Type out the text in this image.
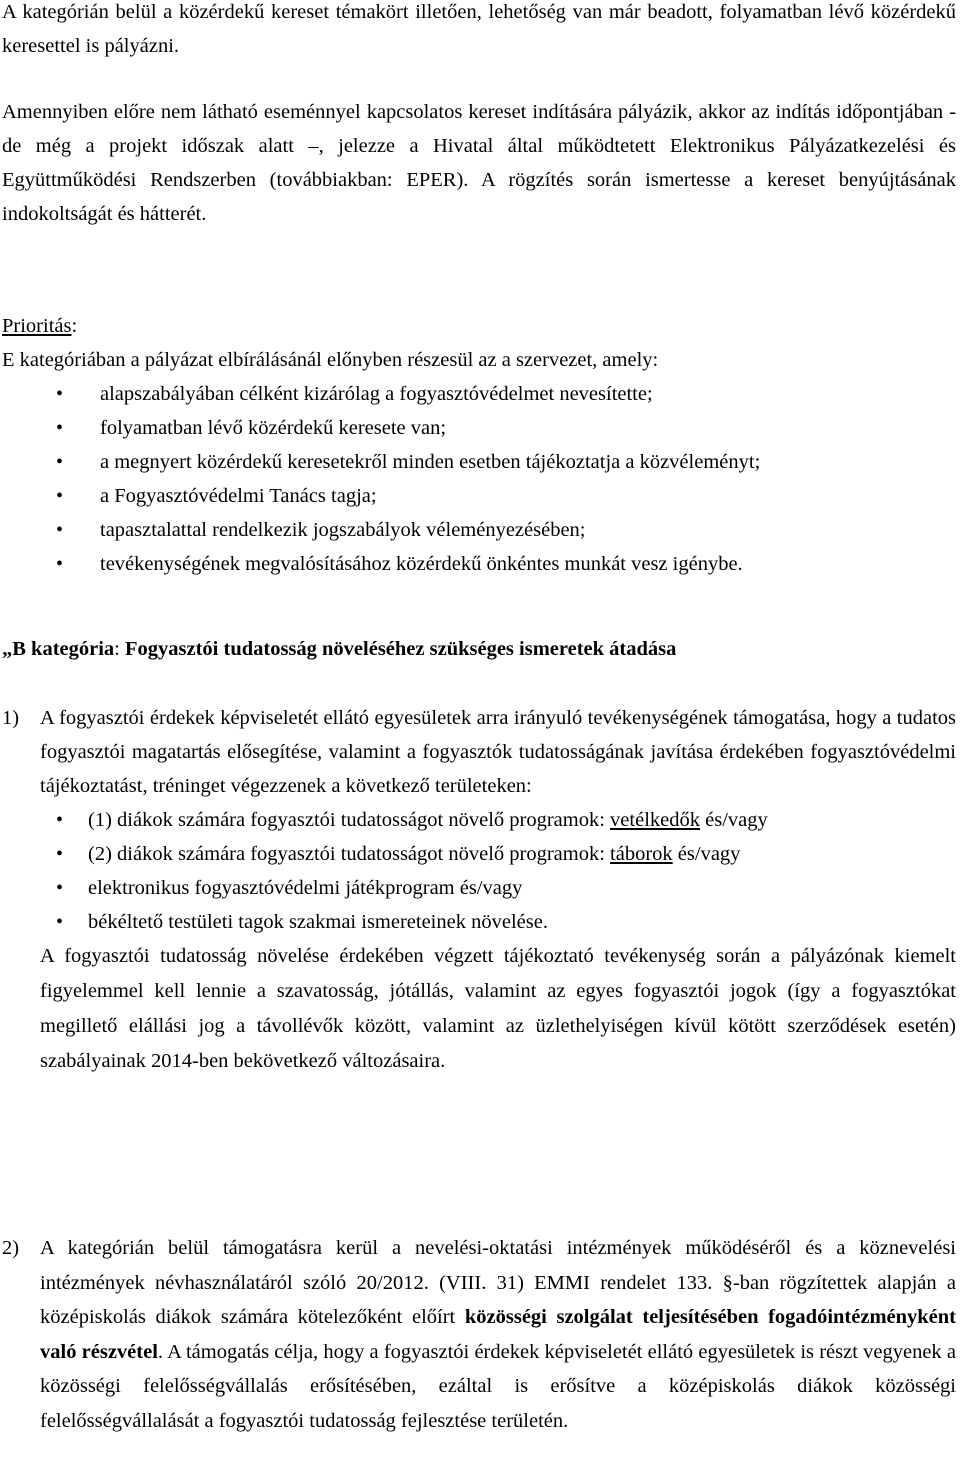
A kategórián belül a közérdekű kereset témakört illetően, lehetőség van már beadott, folyamatban lévő közérdekű keresettel is pályázni.

Amennyiben előre nem látható eseménnyel kapcsolatos kereset indítására pályázik, akkor az indítás időpontjában - de még a projekt időszak alatt –, jelezze a Hivatal által működtetett Elektronikus Pályázatkezelési és Együttműködési Rendszerben (továbbiakban: EPER). A rögzítés során ismertesse a kereset benyújtásának indokoltságát és hátterét.

Prioritás:

E kategóriában a pályázat elbírálásánál előnyben részesül az a szervezet, amely:

• alapszabályában célként kizárólag a fogyasztóvédelmet nevesítette;
• folyamatban lévő közérdekű keresete van;
• a megnyert közérdekű keresetekről minden esetben tájékoztatja a közvéleményt;
• a Fogyasztóvédelmi Tanács tagja;
• tapasztalattal rendelkezik jogszabályok véleményezésében;
• tevékenységének megvalósításához közérdekű önkéntes munkát vesz igénybe.

„B kategória: Fogyasztói tudatosság növeléséhez szükséges ismeretek átadása

1)	A fogyasztói érdekek képviseletét ellátó egyesületek arra irányuló tevékenységének támogatása, hogy a tudatos fogyasztói magatartás elősegítése, valamint a fogyasztók tudatosságának javítása érdekében fogyasztóvédelmi tájékoztatást, tréninget végezzenek a következő területeken:

• (1) diákok számára fogyasztói tudatosságot növelő programok: vetélkedők és/vagy
• (2) diákok számára fogyasztói tudatosságot növelő programok: táborok és/vagy
• elektronikus fogyasztóvédelmi játékprogram és/vagy
• békéltető testületi tagok szakmai ismereteinek növelése.

A fogyasztói tudatosság növelése érdekében végzett tájékoztató tevékenység során a pályázónak kiemelt figyelemmel kell lennie a szavatosság, jótállás, valamint az egyes fogyasztói jogok (így a fogyasztókat megillető elállási jog a távollévők között, valamint az üzlethelyiségen kívül kötött szerződések esetén) szabályainak 2014-ben bekövetkező változásaira.

2)	A kategórián belül támogatásra kerül a nevelési-oktatási intézmények működéséről és a köznevelési intézmények névhasználatáról szóló 20/2012. (VIII. 31) EMMI rendelet 133. §-ban rögzítettek alapján a középiskolás diákok számára kötelezőként előírt közösségi szolgálat teljesítésében fogadóintézményként való részvétel. A támogatás célja, hogy a fogyasztói érdekek képviseletét ellátó egyesületek is részt vegyenek a közösségi felelősségvállalás erősítésében, ezáltal is erősítve a középiskolás diákok közösségi felelősségvállalását a fogyasztói tudatosság fejlesztése területén.
